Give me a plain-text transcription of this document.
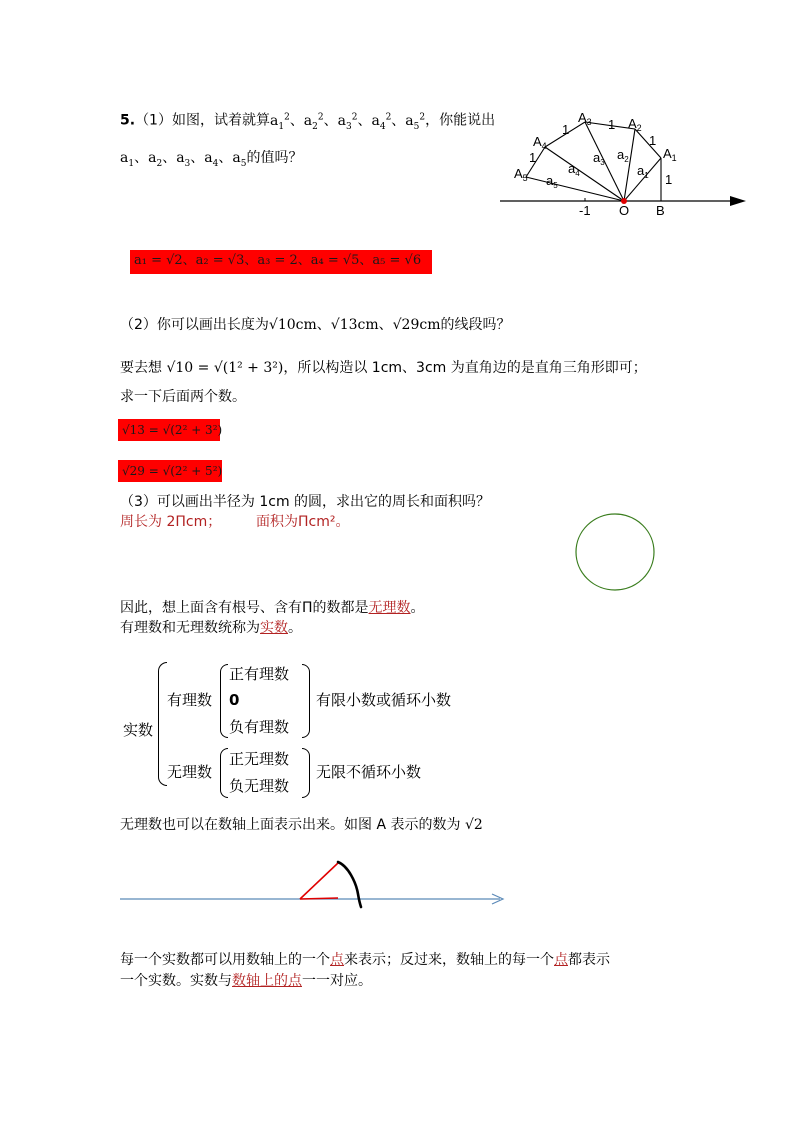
5.（1）如图，试着就算$a_1^2$、$a_2^2$、$a_3^2$、$a_4^2$、$a_5^2$，你能说出
$a_1$、$a_2$、$a_3$、$a_4$、$a_5$的值吗？
a₁ = √2、a₂ = √3、a₃ = 2、a₄ = √5、a₅ = √6
$A_1$
$A_2$
$A_3$
$A_4$
$A_5$	$a_1$
$a_2$
$a_3$
$a_4$
$a_5$	1
1
1
1
1
-1 O B
（2）你可以画出长度为√10cm、√13cm、√29cm的线段吗？
要去想 √10 = √(1² + 3²)，所以构造以 1cm、3cm 为直角边的是直角三角形即可；
求一下后面两个数。
√13 = √(2² + 3²)
√29 = √(2² + 5²)
（3）可以画出半径为 1cm 的圆，求出它的周长和面积吗？
周长为 2Πcm； 面积为Πcm²。
因此，想上面含有根号、含有Π的数都是无理数。
有理数和无理数统称为实数。
实数
有理数
正有理数
0
负有理数
有限小数或循环小数
无理数
正无理数
负无理数
无限不循环小数
无理数也可以在数轴上面表示出来。如图 A 表示的数为 √2
每一个实数都可以用数轴上的一个点来表示；反过来，数轴上的每一个点都表示
一个实数。实数与数轴上的点一一对应。
